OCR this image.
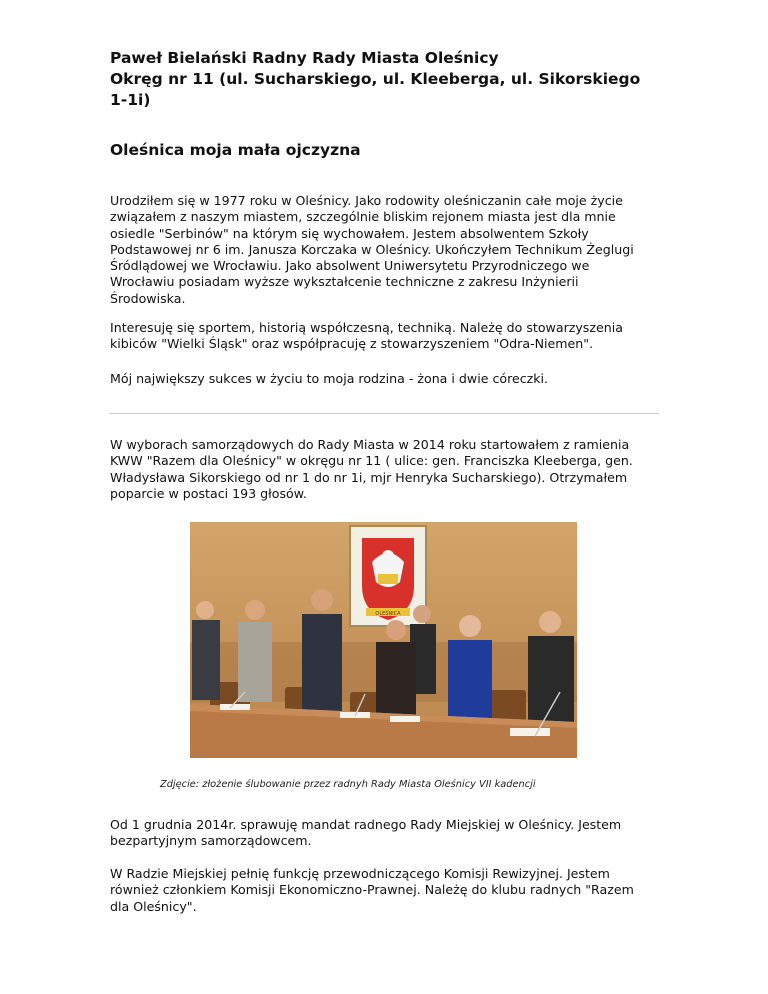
Paweł Bielański Radny Rady Miasta Oleśnicy
Okręg nr 11 (ul. Sucharskiego, ul. Kleeberga, ul. Sikorskiego
1-1i)
Oleśnica moja mała ojczyzna

Urodziłem się w 1977 roku w Oleśnicy. Jako rodowity oleśniczanin całe moje życie
związałem z naszym miastem, szczególnie bliskim rejonem miasta jest dla mnie
osiedle "Serbinów" na którym się wychowałem. Jestem absolwentem Szkoły
Podstawowej nr 6 im. Janusza Korczaka w Oleśnicy. Ukończyłem Technikum Żeglugi
Śródlądowej we Wrocławiu. Jako absolwent Uniwersytetu Przyrodniczego we
Wrocławiu posiadam wyższe wykształcenie techniczne z zakresu Inżynierii
Środowiska.

Interesuję się sportem, historią współczesną, techniką. Należę do stowarzyszenia
kibiców "Wielki Śląsk" oraz współpracuję z stowarzyszeniem "Odra-Niemen".

Mój największy sukces w życiu to moja rodzina - żona i dwie córeczki.

W wyborach samorządowych do Rady Miasta w 2014 roku startowałem z ramienia
KWW "Razem dla Oleśnicy" w okręgu nr 11 ( ulice: gen. Franciszka Kleeberga, gen.
Władysława Sikorskiego od nr 1 do nr 1i, mjr Henryka Sucharskiego). Otrzymałem
poparcie w postaci 193 głosów.

OLEŚNICA

Zdjęcie: złożenie ślubowanie przez radnyh Rady Miasta Oleśnicy VII kadencji

Od 1 grudnia 2014r. sprawuję mandat radnego Rady Miejskiej w Oleśnicy. Jestem
bezpartyjnym samorządowcem.

W Radzie Miejskiej pełnię funkcję przewodniczącego Komisji Rewizyjnej. Jestem
również członkiem Komisji Ekonomiczno-Prawnej. Należę do klubu radnych "Razem
dla Oleśnicy".
